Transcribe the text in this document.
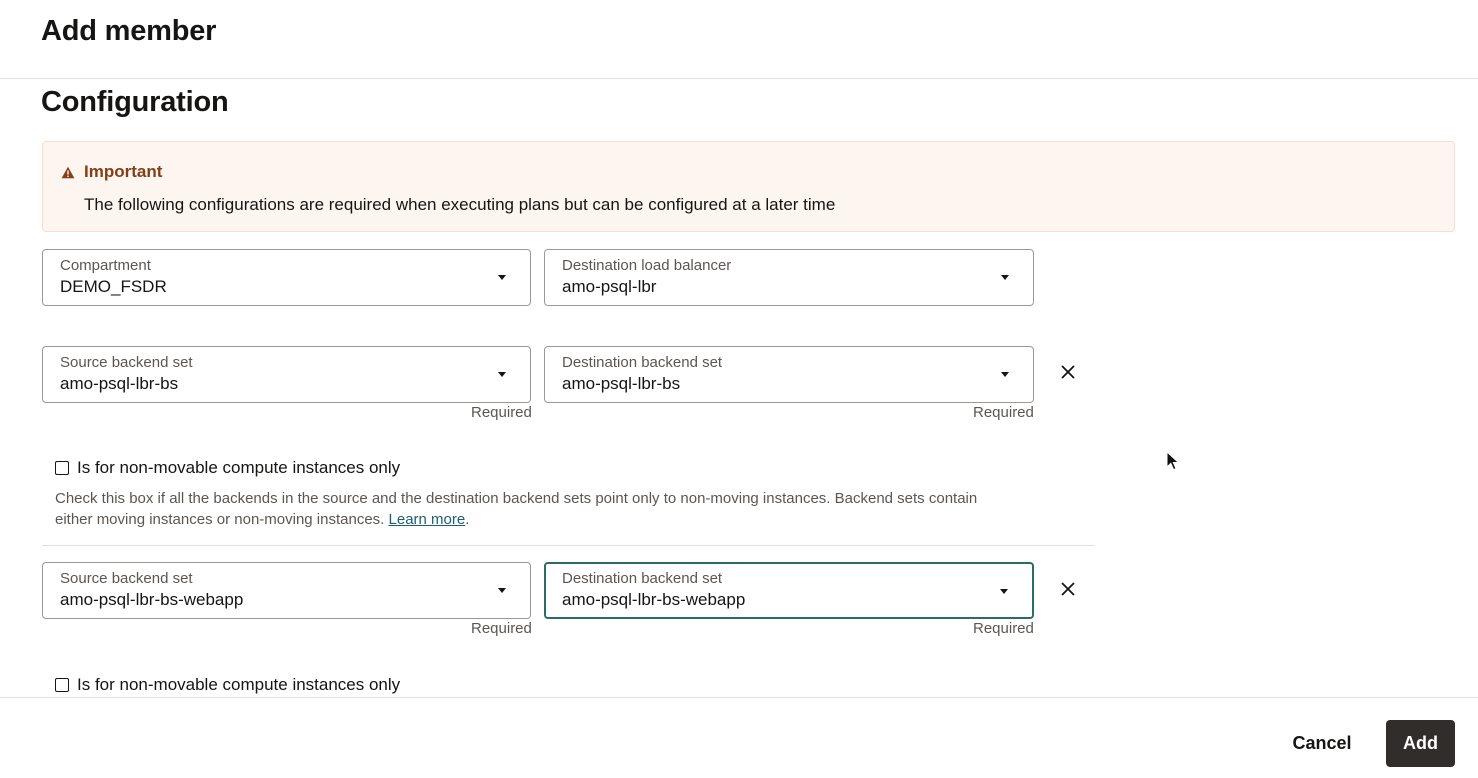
Add member
Configuration
Important
The following configurations are required when executing plans but can be configured at a later time
Compartment
DEMO_FSDR
Destination load balancer
amo-psql-lbr
Source backend set
amo-psql-lbr-bs
Required
Destination backend set
amo-psql-lbr-bs
Required
Is for non-movable compute instances only
Check this box if all the backends in the source and the destination backend sets point only to non-moving instances. Backend sets contain either moving instances or non-moving instances. Learn more.
Source backend set
amo-psql-lbr-bs-webapp
Required
Destination backend set
amo-psql-lbr-bs-webapp
Required
Is for non-movable compute instances only
Cancel	Add
